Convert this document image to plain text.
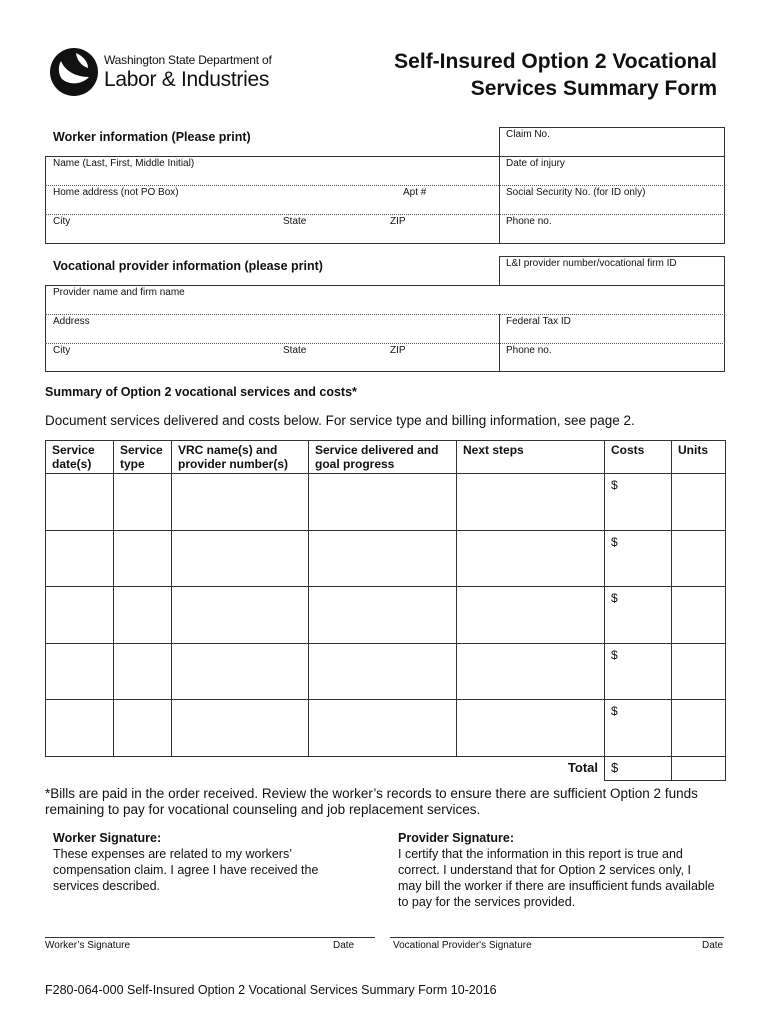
Washington State Department of
Labor & Industries
Self-Insured Option 2 Vocational
Services Summary Form
Worker information (Please print)	Claim No.
Name (Last, First, Middle Initial)	Date of injury
Home address (not PO Box)	Apt #	Social Security No. (for ID only)
City	State	ZIP	Phone no.
Vocational provider information (please print)	L&I provider number/vocational firm ID
Provider name and firm name
Address	Federal Tax ID
City	State	ZIP	Phone no.
Summary of Option 2 vocational services and costs*
Document services delivered and costs below. For service type and billing information, see page 2.
Service date(s)	Service type	VRC name(s) and provider number(s)	Service delivered and goal progress	Next steps	Costs	Units
					$	
					$	
					$	
					$	
					$	
Total					$	
*Bills are paid in the order received. Review the worker’s records to ensure there are sufficient Option 2 funds remaining to pay for vocational counseling and job replacement services.
Worker Signature:
These expenses are related to my workers’ compensation claim. I agree I have received the services described.
Provider Signature:
I certify that the information in this report is true and correct. I understand that for Option 2 services only, I may bill the worker if there are insufficient funds available to pay for the services provided.
Worker’s Signature	Date	Vocational Provider's Signature	Date
F280-064-000 Self-Insured Option 2 Vocational Services Summary Form 10-2016
